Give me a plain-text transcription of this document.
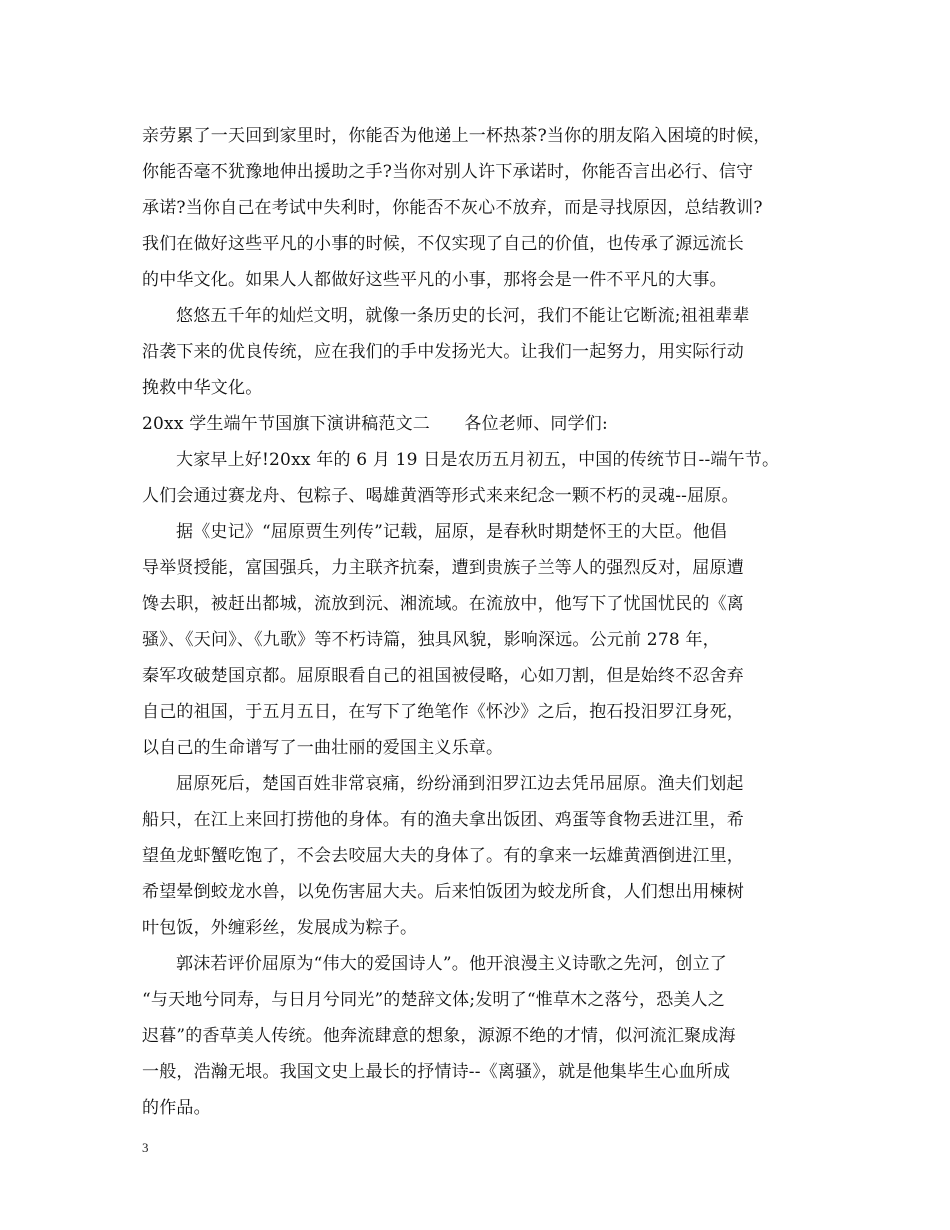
亲劳累了一天回到家里时，你能否为他递上一杯热茶?当你的朋友陷入困境的时候，
你能否毫不犹豫地伸出援助之手?当你对别人许下承诺时，你能否言出必行、信守
承诺?当你自己在考试中失利时，你能否不灰心不放弃，而是寻找原因，总结教训?
我们在做好这些平凡的小事的时候，不仅实现了自己的价值，也传承了源远流长
的中华文化。如果人人都做好这些平凡的小事，那将会是一件不平凡的大事。
悠悠五千年的灿烂文明，就像一条历史的长河，我们不能让它断流;祖祖辈辈
沿袭下来的优良传统，应在我们的手中发扬光大。让我们一起努力，用实际行动
挽救中华文化。
20xx 学生端午节国旗下演讲稿范文二　　各位老师、同学们:
大家早上好!20xx 年的 6 月 19 日是农历五月初五，中国的传统节日--端午节。
人们会通过赛龙舟、包粽子、喝雄黄酒等形式来来纪念一颗不朽的灵魂--屈原。
据《史记》“屈原贾生列传”记载，屈原，是春秋时期楚怀王的大臣。他倡
导举贤授能，富国强兵，力主联齐抗秦，遭到贵族子兰等人的强烈反对，屈原遭
馋去职，被赶出都城，流放到沅、湘流域。在流放中，他写下了忧国忧民的《离
骚》、《天问》、《九歌》等不朽诗篇，独具风貌，影响深远。公元前 278 年，
秦军攻破楚国京都。屈原眼看自己的祖国被侵略，心如刀割，但是始终不忍舍弃
自己的祖国，于五月五日，在写下了绝笔作《怀沙》之后，抱石投汨罗江身死，
以自己的生命谱写了一曲壮丽的爱国主义乐章。
屈原死后，楚国百姓非常哀痛，纷纷涌到汨罗江边去凭吊屈原。渔夫们划起
船只，在江上来回打捞他的身体。有的渔夫拿出饭团、鸡蛋等食物丢进江里，希
望鱼龙虾蟹吃饱了，不会去咬屈大夫的身体了。有的拿来一坛雄黄酒倒进江里，
希望晕倒蛟龙水兽，以免伤害屈大夫。后来怕饭团为蛟龙所食，人们想出用楝树
叶包饭，外缠彩丝，发展成为粽子。
郭沫若评价屈原为“伟大的爱国诗人”。他开浪漫主义诗歌之先河，创立了
“与天地兮同寿，与日月兮同光”的楚辞文体;发明了“惟草木之落兮，恐美人之
迟暮”的香草美人传统。他奔流肆意的想象，源源不绝的才情，似河流汇聚成海
一般，浩瀚无垠。我国文史上最长的抒情诗--《离骚》，就是他集毕生心血所成
的作品。
3
